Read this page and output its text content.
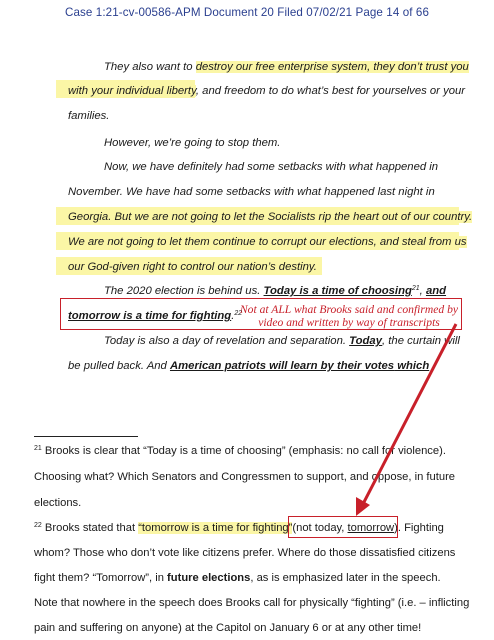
Case 1:21-cv-00586-APM Document 20 Filed 07/02/21 Page 14 of 66
They also want to destroy our free enterprise system, they don’t trust you
with your individual liberty, and freedom to do what’s best for yourselves or your
families.
However, we’re going to stop them.
Now, we have definitely had some setbacks with what happened in
November. We have had some setbacks with what happened last night in
Georgia. But we are not going to let the Socialists rip the heart out of our country.
We are not going to let them continue to corrupt our elections, and steal from us
our God-given right to control our nation’s destiny.
The 2020 election is behind us. Today is a time of choosing$^{21}$, and
tomorrow is a time for fighting.$^{22}$
Today is also a day of revelation and separation. Today, the curtain will
be pulled back. And American patriots will learn by their votes which
Not at ALL what Brooks said and confirmed by video and written by way of transcripts
$^{21}$ Brooks is clear that “Today is a time of choosing” (emphasis: no call for violence).
Choosing what? Which Senators and Congressmen to support, and oppose, in future
elections.
$^{22}$ Brooks stated that “tomorrow is a time for fighting”(not today, tomorrow). Fighting
whom? Those who don’t vote like citizens prefer. Where do those dissatisfied citizens
fight them? “Tomorrow”, in future elections, as is emphasized later in the speech.
Note that nowhere in the speech does Brooks call for physically “fighting” (i.e. – inflicting
pain and suffering on anyone) at the Capitol on January 6 or at any other time!
